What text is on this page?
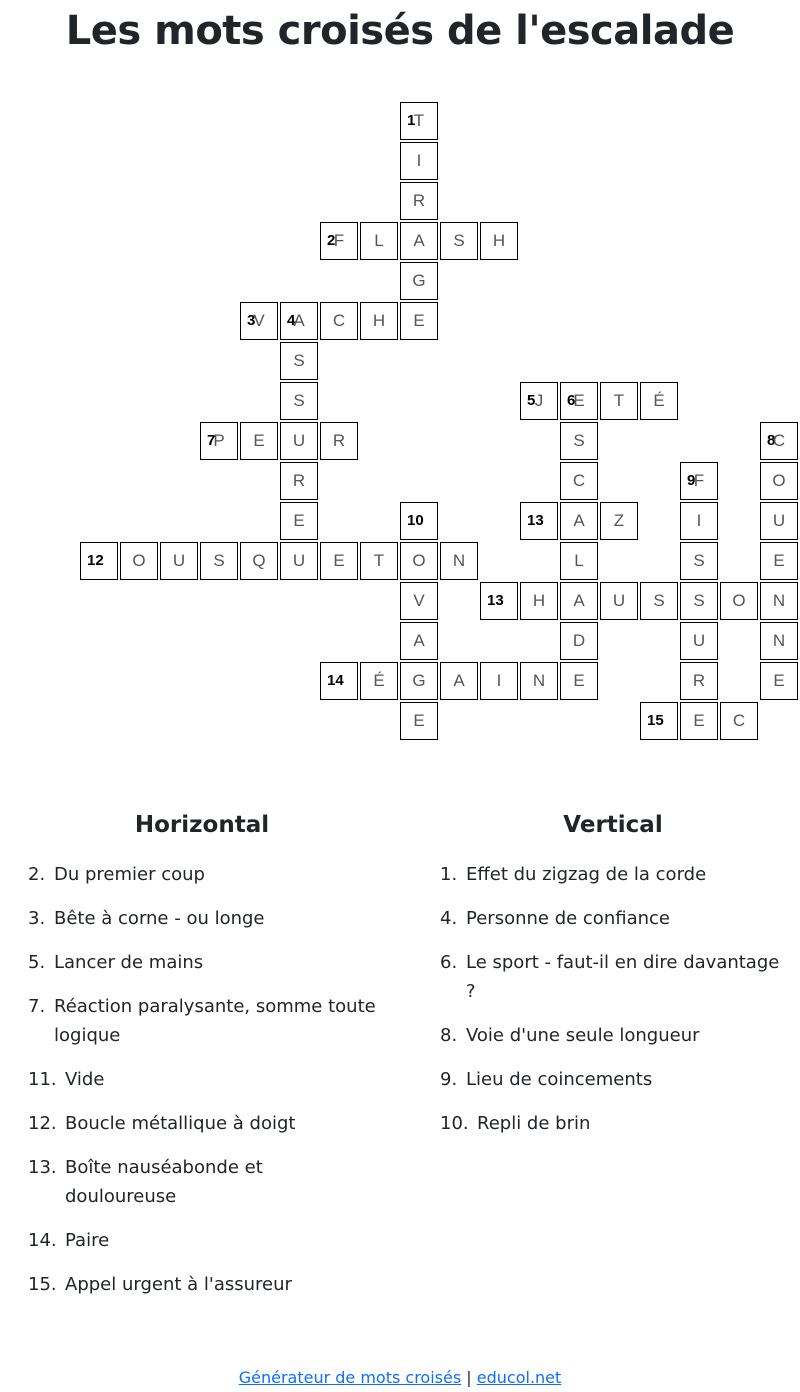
Les mots croisés de l'escalade
1
T
I
R
A
G
E
2
F	L	S	H
3
V	4
A	C	H
S
S
U
R
E
U
5 J	6
E	T	É
S
C
A
L
A
D
E
7
P	E	R	8
C
O
U
E
N
N
E
9
F
I
S
S
U
R
E
10
O
V
A
G
E
13	Z
12	O	U	S	Q	E	T	N
13	H	U	S	O
14	É	A	I	N
15	C
Horizontal
2. Du premier coup
3. Bête à corne - ou longe
5. Lancer de mains
7. Réaction paralysante, somme toute logique
11. Vide
12. Boucle métallique à doigt
13. Boîte nauséabonde et douloureuse
14. Paire
15. Appel urgent à l'assureur
Vertical
1. Effet du zigzag de la corde
4. Personne de confiance
6. Le sport - faut-il en dire davantage ?
8. Voie d'une seule longueur
9. Lieu de coincements
10. Repli de brin
Générateur de mots croisés | educol.net
